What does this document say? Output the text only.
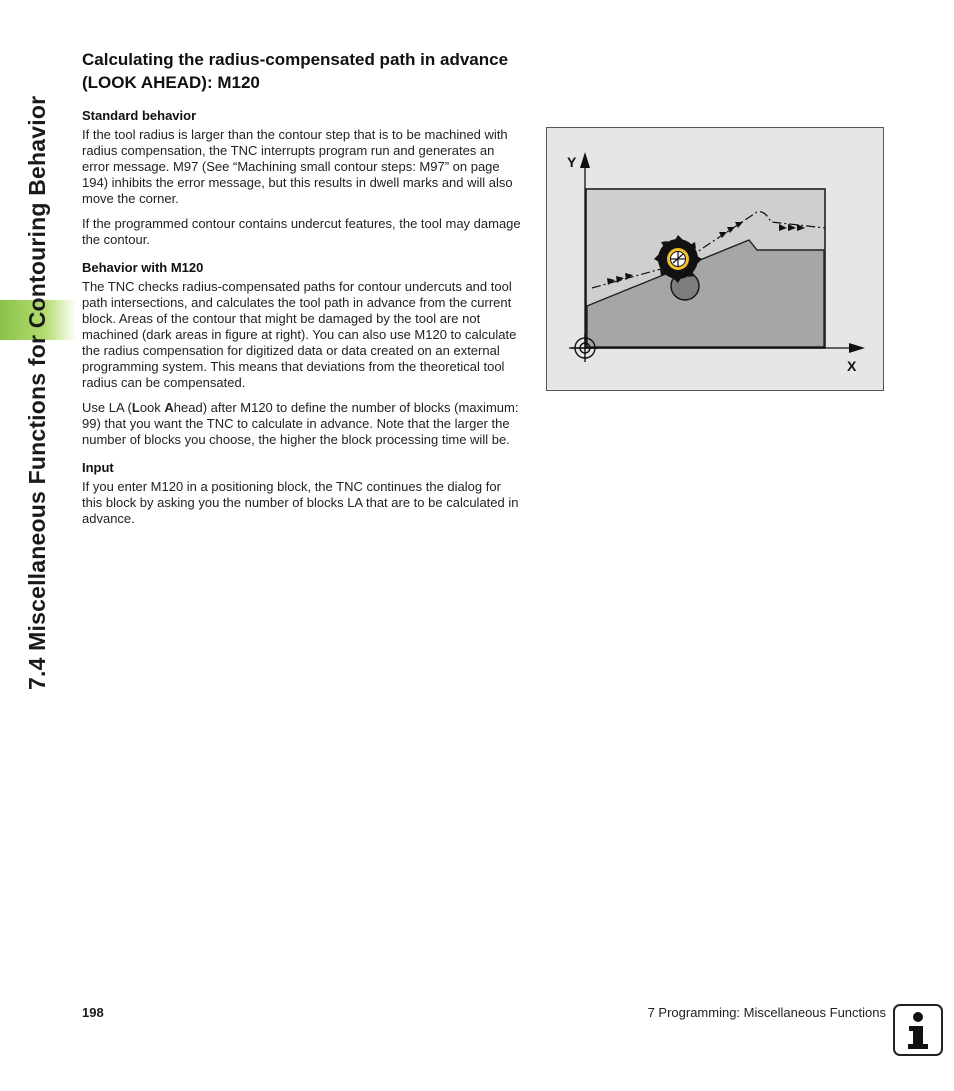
7.4 Miscellaneous Functions for Contouring Behavior
Calculating the radius-compensated path in advance (LOOK AHEAD): M120
Standard behavior

If the tool radius is larger than the contour step that is to be machined with radius compensation, the TNC interrupts program run and generates an error message. M97 (See “Machining small contour steps: M97” on page 194) inhibits the error message, but this results in dwell marks and will also move the corner.

If the programmed contour contains undercut features, the tool may damage the contour.

Behavior with M120

The TNC checks radius-compensated paths for contour undercuts and tool path intersections, and calculates the tool path in advance from the current block. Areas of the contour that might be damaged by the tool are not machined (dark areas in figure at right). You can also use M120 to calculate the radius compensation for digitized data or data created on an external programming system. This means that deviations from the theoretical tool radius can be compensated.

Use LA (Look Ahead) after M120 to define the number of blocks (maximum: 99) that you want the TNC to calculate in advance. Note that the larger the number of blocks you choose, the higher the block processing time will be.

Input

If you enter M120 in a positioning block, the TNC continues the dialog for this block by asking you the number of blocks LA that are to be calculated in advance.

Y
X
198	7 Programming: Miscellaneous Functions
